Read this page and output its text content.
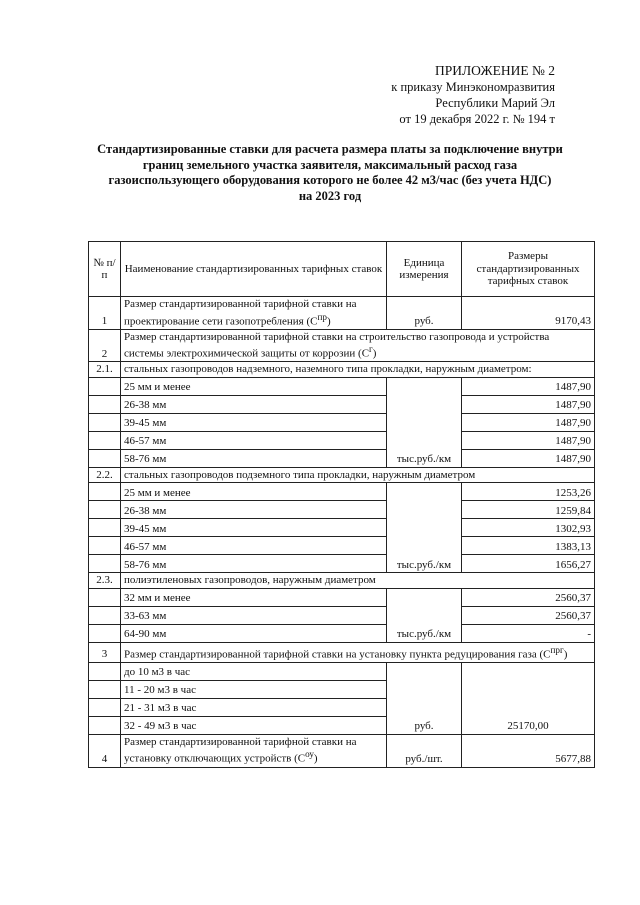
ПРИЛОЖЕНИЕ № 2
к приказу Минэкономразвития
Республики Марий Эл
от 19 декабря 2022 г. № 194 т
Стандартизированные ставки для расчета размера платы за подключение внутри
границ земельного участка заявителя, максимальный расход газа
газоиспользующего оборудования которого не более 42 м3/час (без учета НДС)
на 2023 год
№ п/п	Наименование стандартизированных тарифных ставок	Единица измерения	Размеры стандартизированных тарифных ставок
1	Размер стандартизированной тарифной ставки на проектирование сети газопотребления $(С^{пр})$	руб.	9170,43
2	Размер стандартизированной тарифной ставки на строительство газопровода и устройства системы электрохимической защиты от коррозии $(С^г)$		
2.1.	стальных газопроводов надземного, наземного типа прокладки, наружным диаметром:		
	25 мм и менее	тыс.руб./км	1487,90
	26-38 мм		1487,90
	39-45 мм		1487,90
	46-57 мм		1487,90
	58-76 мм		1487,90
2.2.	стальных газопроводов подземного типа прокладки, наружным диаметром		
	25 мм и менее	тыс.руб./км	1253,26
	26-38 мм		1259,84
	39-45 мм		1302,93
	46-57 мм		1383,13
	58-76 мм		1656,27
2.3.	полиэтиленовых газопроводов, наружным диаметром		
	32 мм и менее	тыс.руб./км	2560,37
	33-63 мм		2560,37
	64-90 мм		-
3	Размер стандартизированной тарифной ставки на установку пункта редуцирования газа $(С^{прг})$		
	до 10 м3 в час	руб.	25170,00
	11 - 20 м3 в час		
	21 - 31 м3 в час		
	32 - 49 м3 в час		
4	Размер стандартизированной тарифной ставки на установку отключающих устройств $(С^{оу})$	руб./шт.	5677,88
